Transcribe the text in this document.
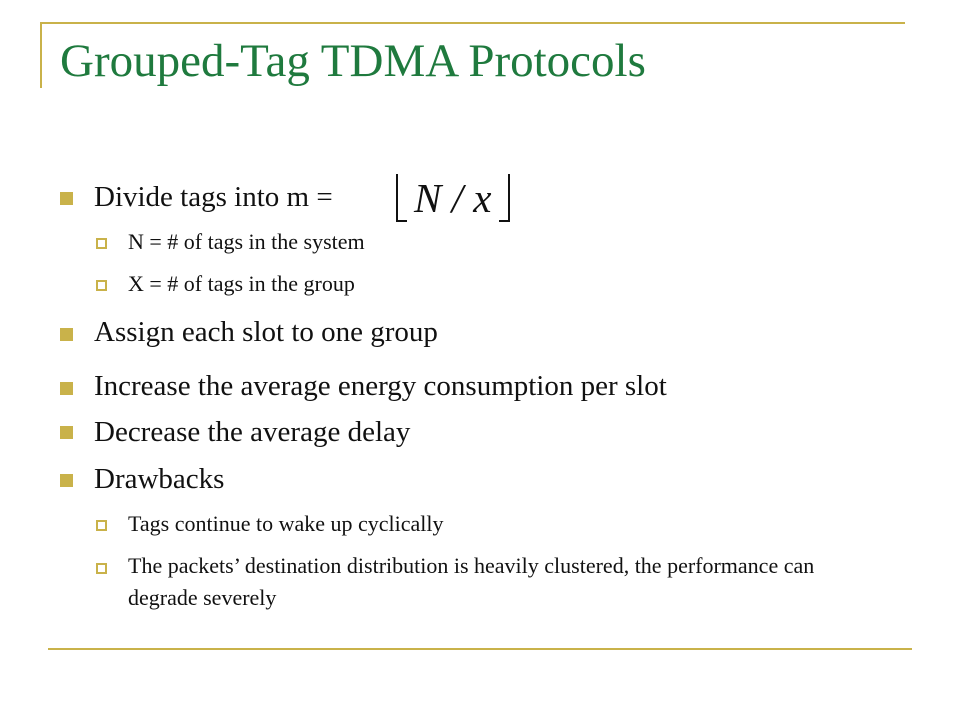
Grouped-Tag TDMA Protocols
Divide tags into m = N / x
N = # of tags in the system
X = # of tags in the group
Assign each slot to one group
Increase the average energy consumption per slot
Decrease the average delay
Drawbacks
Tags continue to wake up cyclically
The packets’ destination distribution is heavily clustered, the performance can degrade severely
